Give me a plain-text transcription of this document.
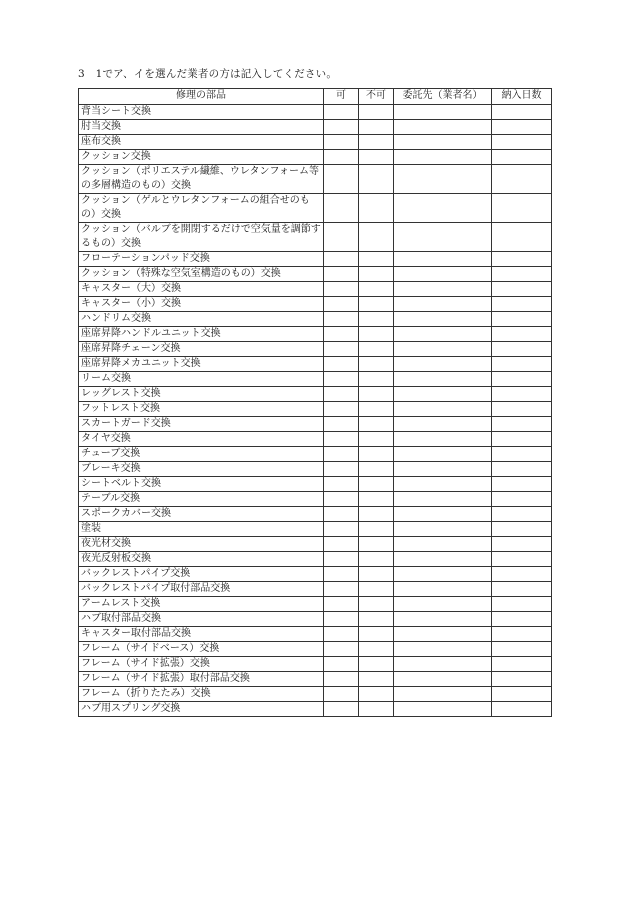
3　1でア、イを選んだ業者の方は記入してください。
修理の部品	可	不可	委託先（業者名）	納入日数
背当シート交換				
肘当交換				
座布交換				
クッション交換				
クッション（ポリエステル繊維、ウレタンフォーム等の多層構造のもの）交換				
クッション（ゲルとウレタンフォームの組合せのもの）交換				
クッション（バルブを開閉するだけで空気量を調節するもの）交換				
フローテーションパッド交換				
クッション（特殊な空気室構造のもの）交換				
キャスター（大）交換				
キャスター（小）交換				
ハンドリム交換				
座席昇降ハンドルユニット交換				
座席昇降チェーン交換				
座席昇降メカユニット交換				
リーム交換				
レッグレスト交換				
フットレスト交換				
スカートガード交換				
タイヤ交換				
チューブ交換				
ブレーキ交換				
シートベルト交換				
テーブル交換				
スポークカバー交換				
塗装				
夜光材交換				
夜光反射板交換				
バックレストパイプ交換				
バックレストパイプ取付部品交換				
アームレスト交換				
ハブ取付部品交換				
キャスター取付部品交換				
フレーム（サイドベース）交換				
フレーム（サイド拡張）交換				
フレーム（サイド拡張）取付部品交換				
フレーム（折りたたみ）交換				
ハブ用スプリング交換				
